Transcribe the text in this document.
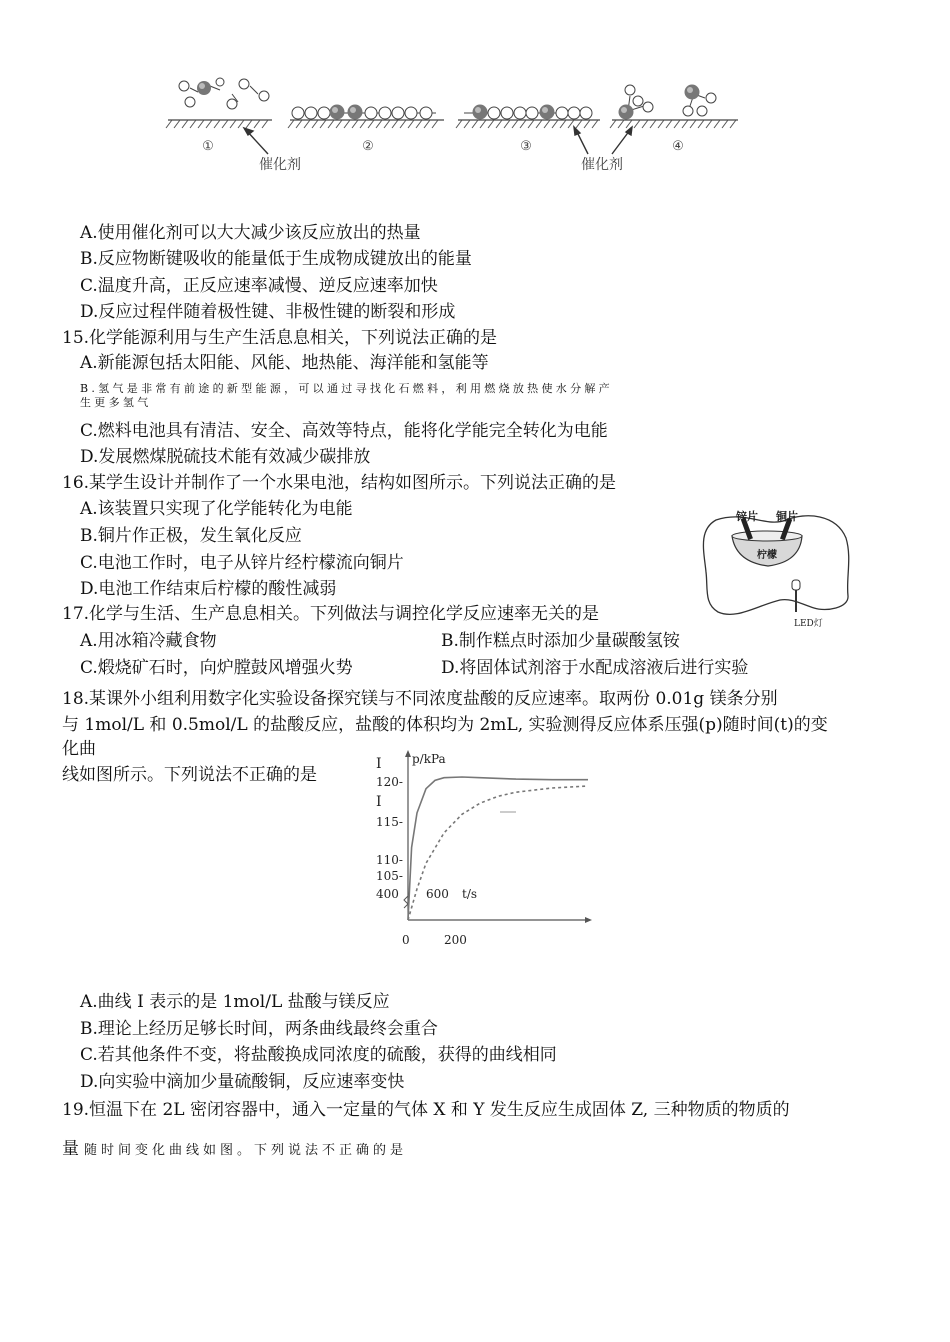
①	②	③	④
催化剂	催化剂
A.使用催化剂可以大大减少该反应放出的热量
B.反应物断键吸收的能量低于生成物成键放出的能量
C.温度升高，正反应速率减慢、逆反应速率加快
D.反应过程伴随着极性键、非极性键的断裂和形成
15.化学能源利用与生产生活息息相关，下列说法正确的是
A.新能源包括太阳能、风能、地热能、海洋能和氢能等
B.氢气是非常有前途的新型能源，可以通过寻找化石燃料，利用燃烧放热使水分解产
生更多氢气
C.燃料电池具有清洁、安全、高效等特点，能将化学能完全转化为电能
D.发展燃煤脱硫技术能有效减少碳排放
16.某学生设计并制作了一个水果电池，结构如图所示。下列说法正确的是
A.该装置只实现了化学能转化为电能
B.铜片作正极，发生氧化反应
C.电池工作时，电子从锌片经柠檬流向铜片
D.电池工作结束后柠檬的酸性减弱
锌片 铜片
柠檬
LED灯
17.化学与生活、生产息息相关。下列做法与调控化学反应速率无关的是
A.用冰箱冷藏食物	B.制作糕点时添加少量碳酸氢铵
C.煅烧矿石时，向炉膛鼓风增强火势	D.将固体试剂溶于水配成溶液后进行实验
18.某课外小组利用数字化实验设备探究镁与不同浓度盐酸的反应速率。取两份 0.01g 镁条分别
与 1mol/L 和 0.5mol/L 的盐酸反应，盐酸的体积均为 2mL, 实验测得反应体系压强(p)随时间(t)的变
化曲
线如图所示。下列说法不正确的是
p/kPa
I
I
120-
115-
110-
105-
400 600 t/s
0	200
A.曲线 I 表示的是 1mol/L 盐酸与镁反应
B.理论上经历足够长时间，两条曲线最终会重合
C.若其他条件不变，将盐酸换成同浓度的硫酸，获得的曲线相同
D.向实验中滴加少量硫酸铜，反应速率变快
19.恒温下在 2L 密闭容器中，通入一定量的气体 X 和 Y 发生反应生成固体 Z, 三种物质的物质的
量 随时间变化曲线如图。下列说法不正确的是
